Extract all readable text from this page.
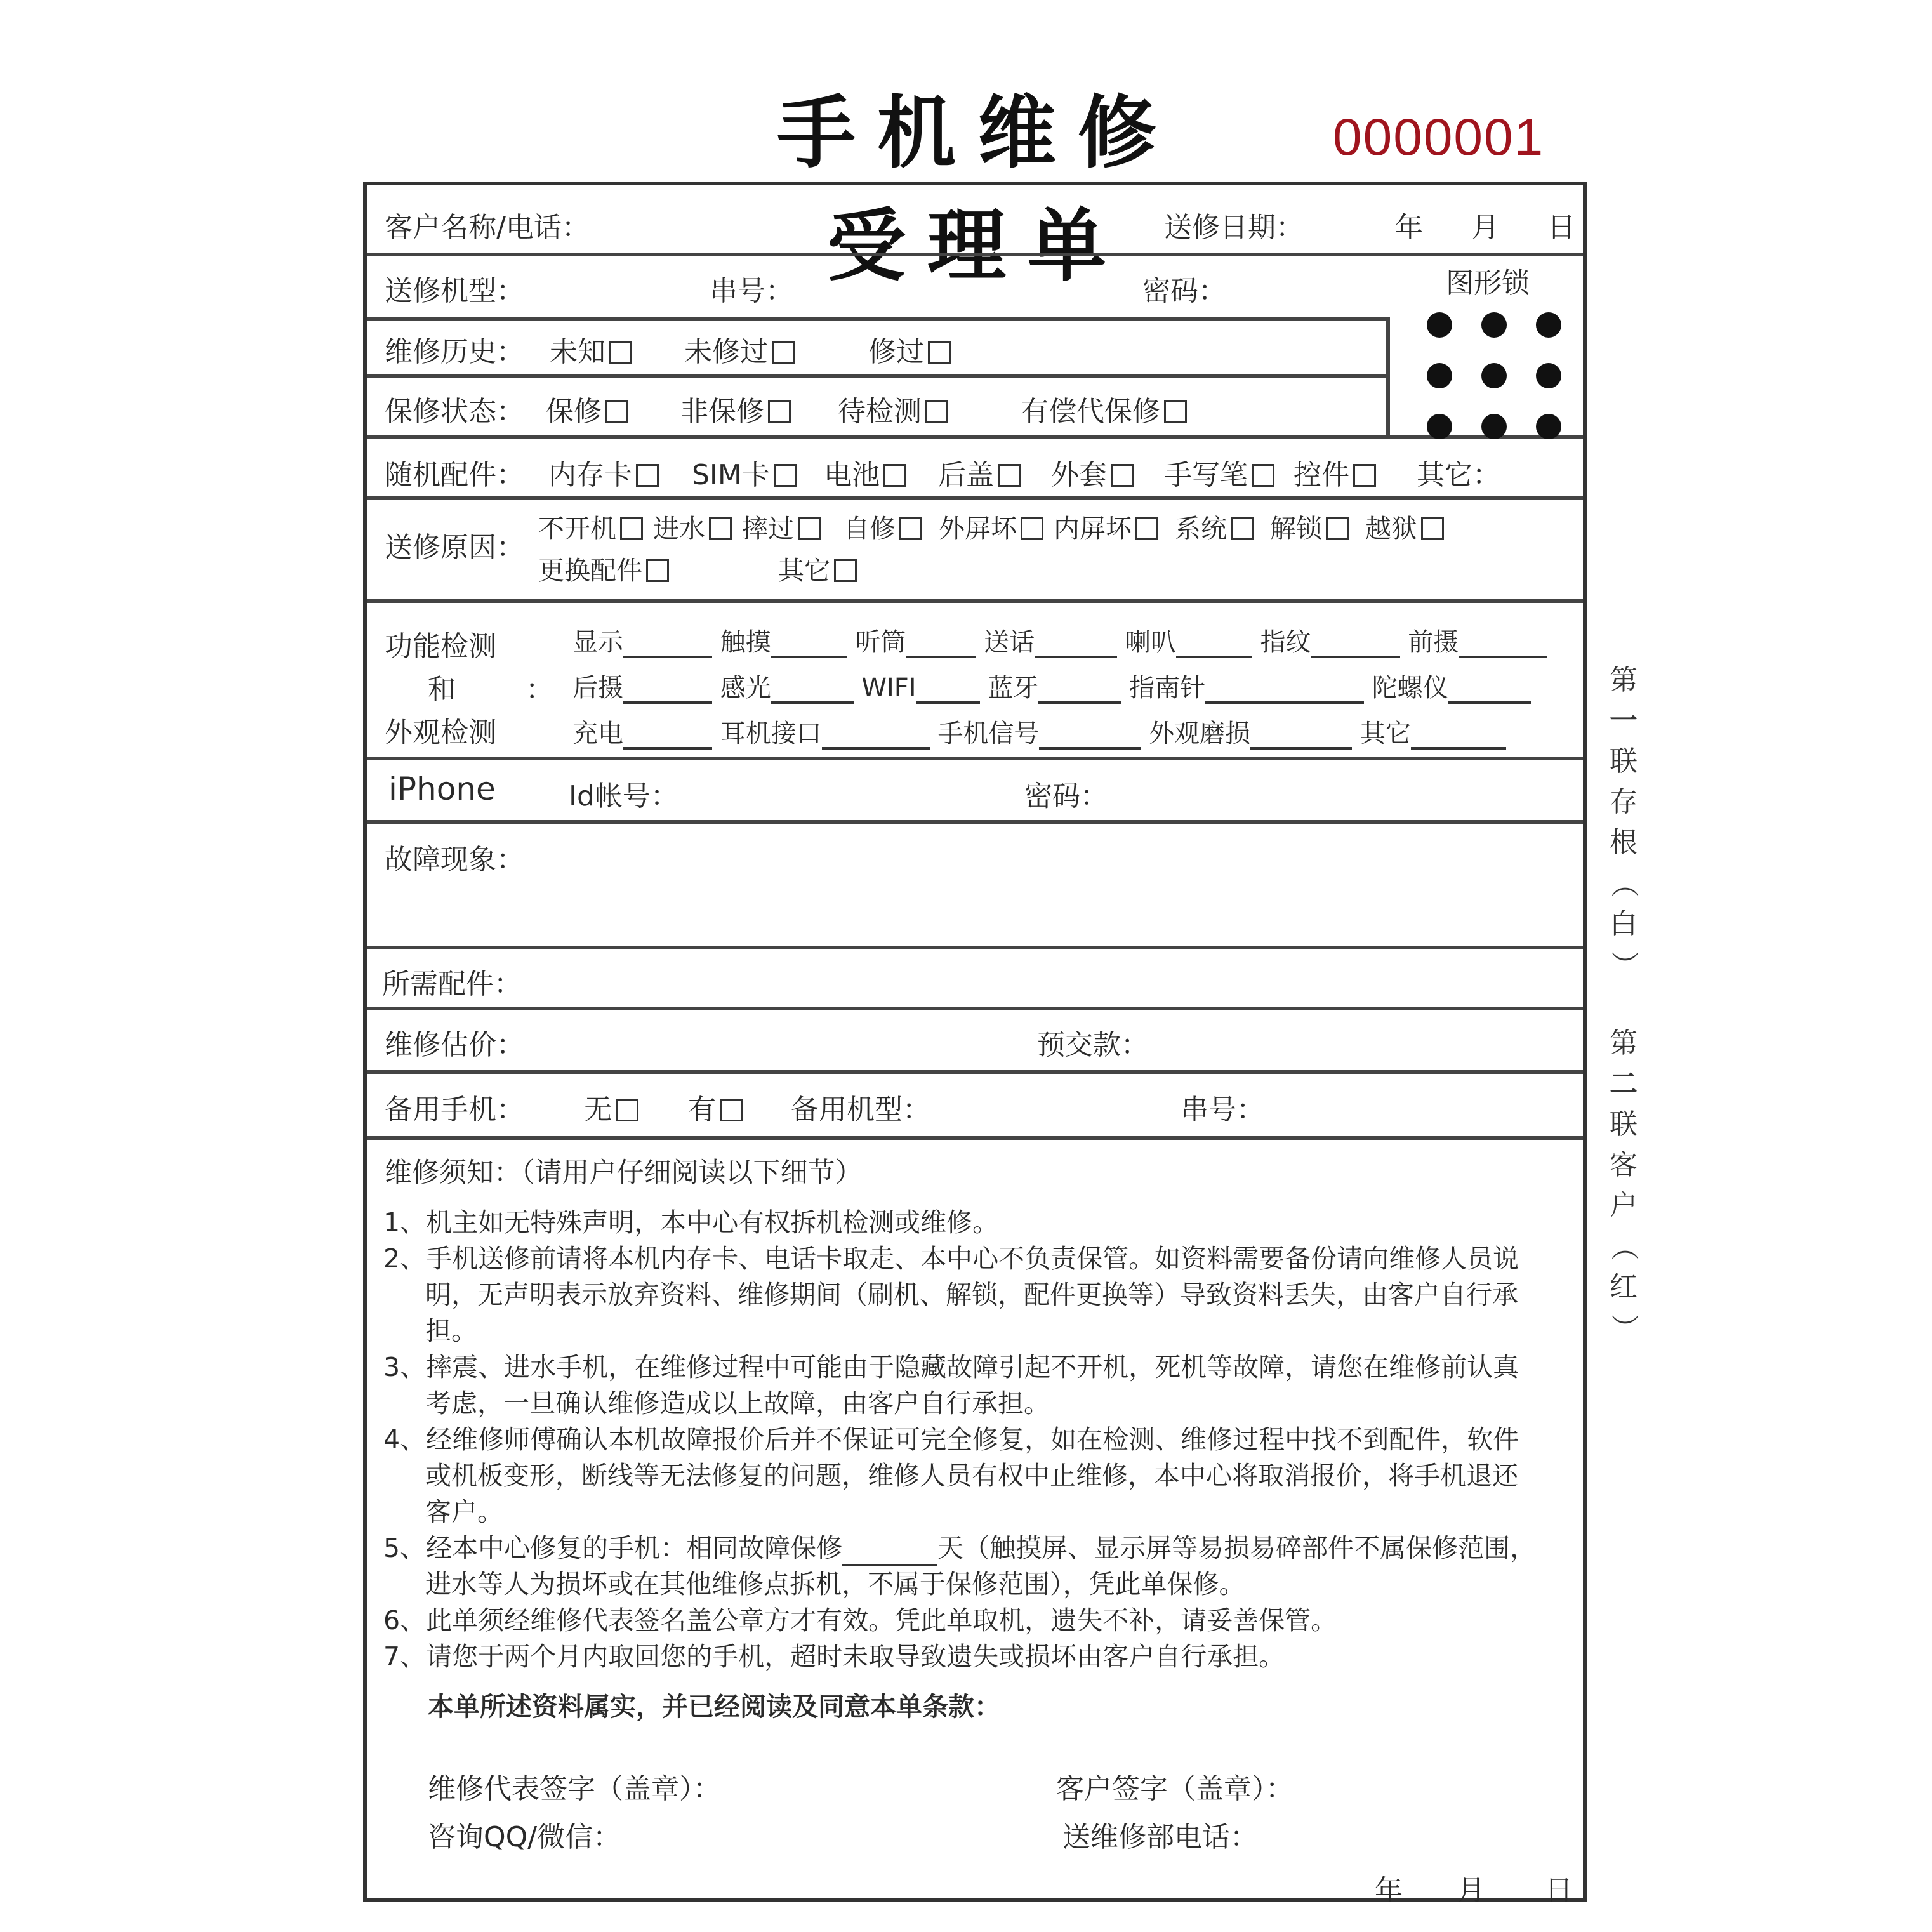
手机维修受理单
0000001
客户名称/电话：	送修日期：	年 月 日
送修机型：	串号：	密码：	图形锁
维修历史： 未知	未修过	修过
保修状态： 保修	非保修	待检测	有偿代保修
随机配件： 内存卡	SIM卡	电池	后盖	外套	手写笔	控件	其它：
送修原因：
不开机 进水 摔过 自修 外屏坏 内屏坏 系统 解锁 越狱
更换配件	其它
功能检测
和	：
外观检测
显示	触摸	听筒	送话	喇叭	指纹	前摄
后摄	感光	WIFI	蓝牙	指南针	陀螺仪
充电	耳机接口	手机信号	外观磨损	其它
iPhone	Id帐号：	密码：
故障现象：
所需配件：
维修估价：	预交款：
备用手机： 无	有	备用机型：	串号：
维修须知：（请用户仔细阅读以下细节）
1、机主如无特殊声明，本中心有权拆机检测或维修。
2、手机送修前请将本机内存卡、电话卡取走、本中心不负责保管。如资料需要备份请向维修人员说
明，无声明表示放弃资料、维修期间（刷机、解锁，配件更换等）导致资料丢失，由客户自行承
担。
3、摔震、进水手机，在维修过程中可能由于隐藏故障引起不开机，死机等故障，请您在维修前认真
考虑，一旦确认维修造成以上故障，由客户自行承担。
4、经维修师傅确认本机故障报价后并不保证可完全修复，如在检测、维修过程中找不到配件，软件
或机板变形，断线等无法修复的问题，维修人员有权中止维修，本中心将取消报价，将手机退还
客户。
5、经本中心修复的手机：相同故障保修	天（触摸屏、显示屏等易损易碎部件不属保修范围，
进水等人为损坏或在其他维修点拆机，不属于保修范围），凭此单保修。
6、此单须经维修代表签名盖公章方才有效。凭此单取机，遗失不补，请妥善保管。
7、请您于两个月内取回您的手机，超时未取导致遗失或损坏由客户自行承担。
本单所述资料属实，并已经阅读及同意本单条款：
维修代表签字（盖章）：	客户签字（盖章）：
咨询QQ/微信：	送维修部电话：
年 月 日
第
一
联
存
根
（
白
）
第
二
联
客
户
（
红
）
